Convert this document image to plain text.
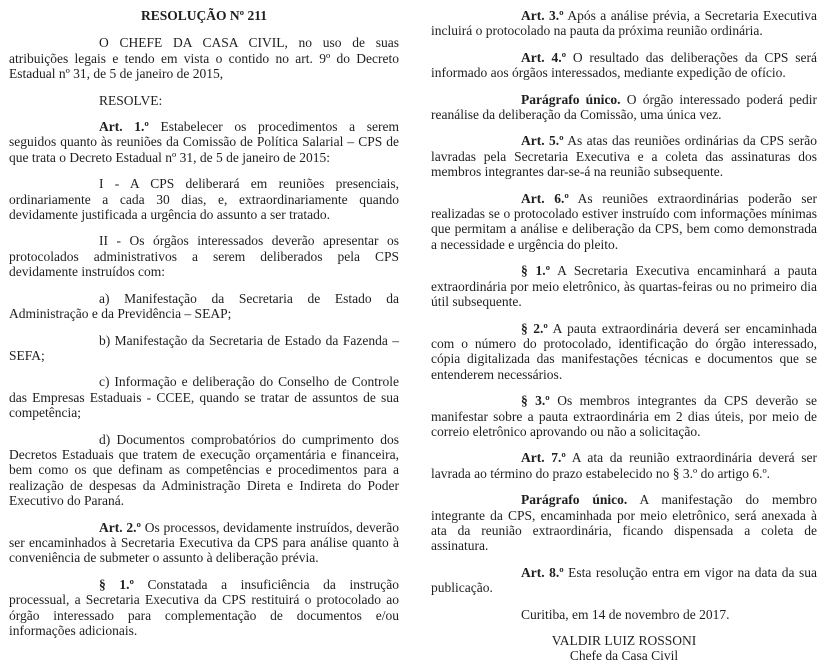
RESOLUÇÃO Nº 211

O CHEFE DA CASA CIVIL, no uso de suas atribuições legais e tendo em vista o contido no art. 9º do Decreto Estadual nº 31, de 5 de janeiro de 2015,

RESOLVE:

Art. 1.º Estabelecer os procedimentos a serem seguidos quanto às reuniões da Comissão de Política Salarial – CPS de que trata o Decreto Estadual nº 31, de 5 de janeiro de 2015:

I - A CPS deliberará em reuniões presenciais, ordinariamente a cada 30 dias, e, extraordinariamente quando devidamente justificada a urgência do assunto a ser tratado.

II - Os órgãos interessados deverão apresentar os protocolados administrativos a serem deliberados pela CPS devidamente instruídos com:

a) Manifestação da Secretaria de Estado da Administração e da Previdência – SEAP;

b) Manifestação da Secretaria de Estado da Fazenda – SEFA;

c) Informação e deliberação do Conselho de Controle das Empresas Estaduais - CCEE, quando se tratar de assuntos de sua competência;

d) Documentos comprobatórios do cumprimento dos Decretos Estaduais que tratem de execução orçamentária e financeira, bem como os que definam as competências e procedimentos para a realização de despesas da Administração Direta e Indireta do Poder Executivo do Paraná.

Art. 2.º Os processos, devidamente instruídos, deverão ser encaminhados à Secretaria Executiva da CPS para análise quanto à conveniência de submeter o assunto à deliberação prévia.

§ 1.º Constatada a insuficiência da instrução processual, a Secretaria Executiva da CPS restituirá o protocolado ao órgão interessado para complementação de documentos e/ou informações adicionais.

Art. 3.º Após a análise prévia, a Secretaria Executiva incluirá o protocolado na pauta da próxima reunião ordinária.

Art. 4.º O resultado das deliberações da CPS será informado aos órgãos interessados, mediante expedição de ofício.

Parágrafo único. O órgão interessado poderá pedir reanálise da deliberação da Comissão, uma única vez.

Art. 5.º As atas das reuniões ordinárias da CPS serão lavradas pela Secretaria Executiva e a coleta das assinaturas dos membros integrantes dar-se-á na reunião subsequente.

Art. 6.º As reuniões extraordinárias poderão ser realizadas se o protocolado estiver instruído com informações mínimas que permitam a análise e deliberação da CPS, bem como demonstrada a necessidade e urgência do pleito.

§ 1.º A Secretaria Executiva encaminhará a pauta extraordinária por meio eletrônico, às quartas-feiras ou no primeiro dia útil subsequente.

§ 2.º A pauta extraordinária deverá ser encaminhada com o número do protocolado, identificação do órgão interessado, cópia digitalizada das manifestações técnicas e documentos que se entenderem necessários.

§ 3.º Os membros integrantes da CPS deverão se manifestar sobre a pauta extraordinária em 2 dias úteis, por meio de correio eletrônico aprovando ou não a solicitação.

Art. 7.º A ata da reunião extraordinária deverá ser lavrada ao término do prazo estabelecido no § 3.º do artigo 6.º.

Parágrafo único. A manifestação do membro integrante da CPS, encaminhada por meio eletrônico, será anexada à ata da reunião extraordinária, ficando dispensada a coleta de assinatura.

Art. 8.º Esta resolução entra em vigor na data da sua publicação.

Curitiba, em 14 de novembro de 2017.

VALDIR LUIZ ROSSONI
Chefe da Casa Civil
